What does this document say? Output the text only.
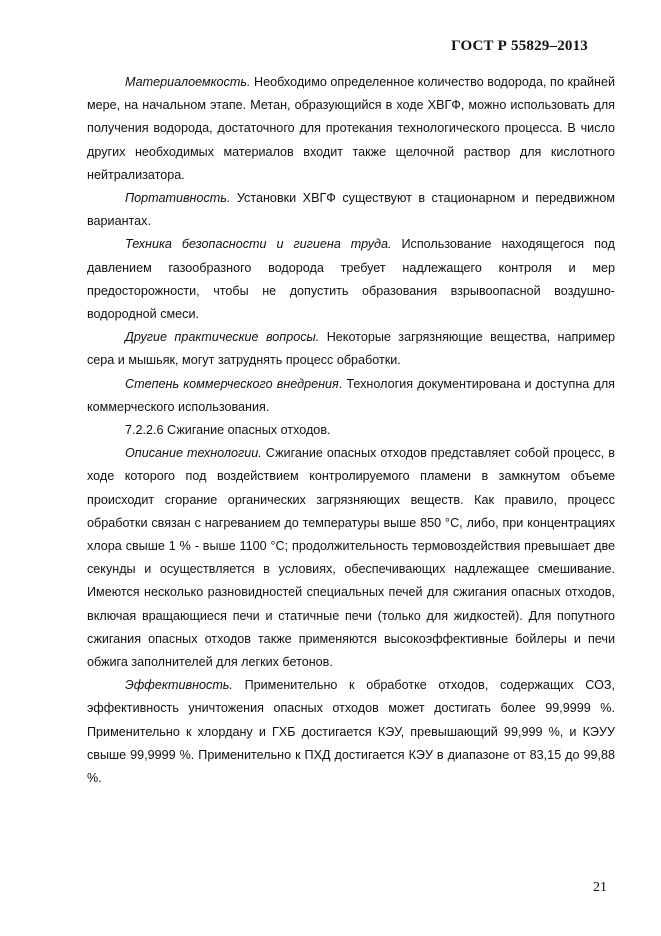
ГОСТ Р 55829–2013

Материалоемкость. Необходимо определенное количество водорода, по крайней мере, на начальном этапе. Метан, образующийся в ходе ХВГФ, можно использовать для получения водорода, достаточного для протекания технологического процесса. В число других необходимых материалов входит также щелочной раствор для кислотного нейтрализатора.

Портативность. Установки ХВГФ существуют в стационарном и передвижном вариантах.

Техника безопасности и гигиена труда. Использование находящегося под давлением газообразного водорода требует надлежащего контроля и мер предосторожности, чтобы не допустить образования взрывоопасной воздушно-водородной смеси.

Другие практические вопросы. Некоторые загрязняющие вещества, например сера и мышьяк, могут затруднять процесс обработки.

Степень коммерческого внедрения. Технология документирована и доступна для коммерческого использования.

7.2.2.6 Сжигание опасных отходов.

Описание технологии. Сжигание опасных отходов представляет собой процесс, в ходе которого под воздействием контролируемого пламени в замкнутом объеме происходит сгорание органических загрязняющих веществ. Как правило, процесс обработки связан с нагреванием до температуры выше 850 °C, либо, при концентрациях хлора свыше 1 % - выше 1100 °C; продолжительность термовоздействия превышает две секунды и осуществляется в условиях, обеспечивающих надлежащее смешивание. Имеются несколько разновидностей специальных печей для сжигания опасных отходов, включая вращающиеся печи и статичные печи (только для жидкостей). Для попутного сжигания опасных отходов также применяются высокоэффективные бойлеры и печи обжига заполнителей для легких бетонов.

Эффективность. Применительно к обработке отходов, содержащих СОЗ, эффективность уничтожения опасных отходов может достигать более 99,9999 %. Применительно к хлордану и ГХБ достигается КЭУ, превышающий 99,999 %, и КЭУУ свыше 99,9999 %. Применительно к ПХД достигается КЭУ в диапазоне от 83,15 до 99,88 %.

21
